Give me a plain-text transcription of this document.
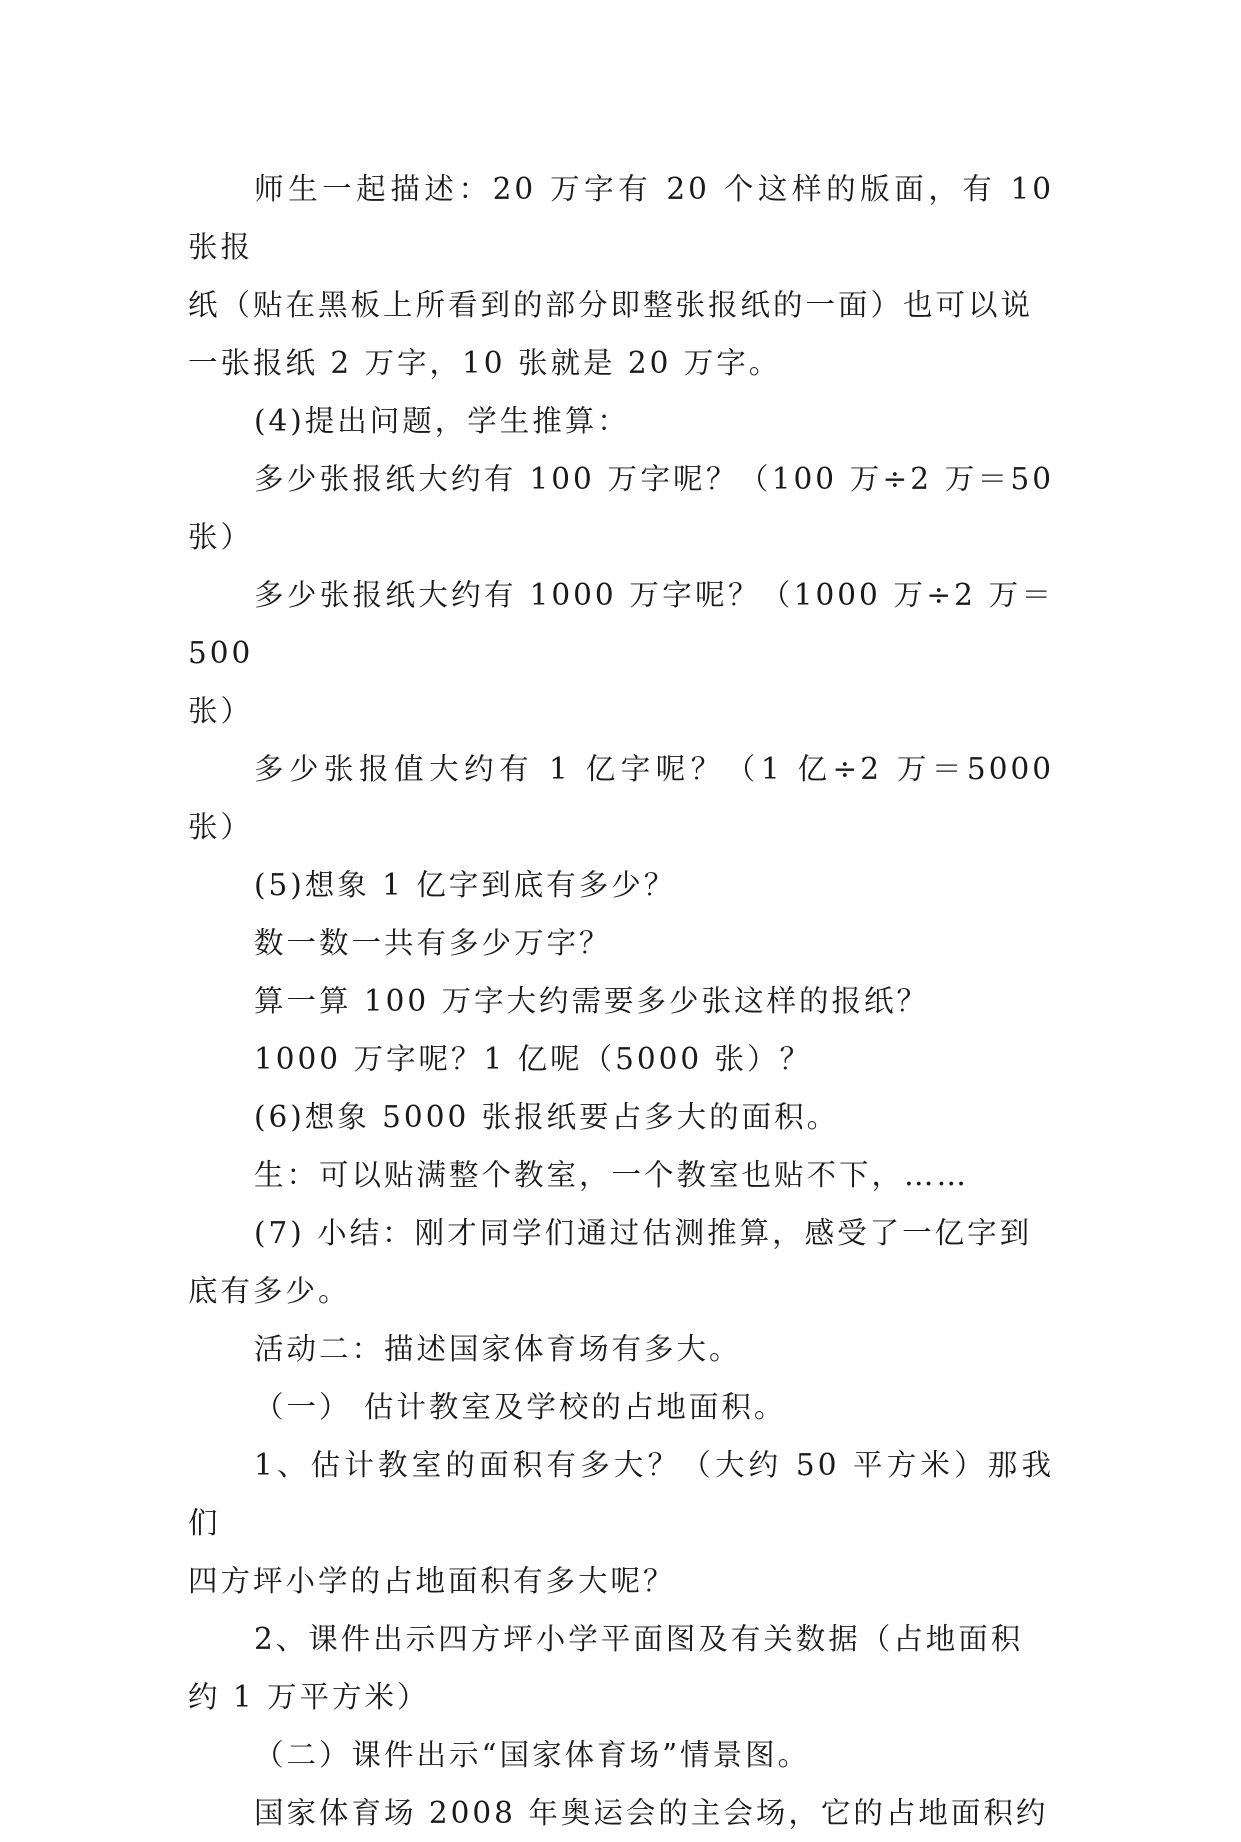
师生一起描述：20 万字有 20 个这样的版面，有 10 张报

纸（贴在黑板上所看到的部分即整张报纸的一面）也可以说

一张报纸 2 万字，10 张就是 20 万字。

(4)提出问题，学生推算：

多少张报纸大约有 100 万字呢？（100 万÷2 万＝50 张）

多少张报纸大约有 1000 万字呢？（1000 万÷2 万＝500

张）

多少张报值大约有 1 亿字呢？（1 亿÷2 万＝5000 张）

(5)想象 1 亿字到底有多少？

数一数一共有多少万字？

算一算 100 万字大约需要多少张这样的报纸？

1000 万字呢？1 亿呢（5000 张）？

(6)想象 5000 张报纸要占多大的面积。

生：可以贴满整个教室，一个教室也贴不下，……

(7) 小结：刚才同学们通过估测推算，感受了一亿字到

底有多少。

活动二：描述国家体育场有多大。

（一） 估计教室及学校的占地面积。

1、估计教室的面积有多大？（大约 50 平方米）那我们

四方坪小学的占地面积有多大呢？

2、课件出示四方坪小学平面图及有关数据（占地面积

约 1 万平方米）

（二）课件出示“国家体育场”情景图。

国家体育场 2008 年奥运会的主会场，它的占地面积约
